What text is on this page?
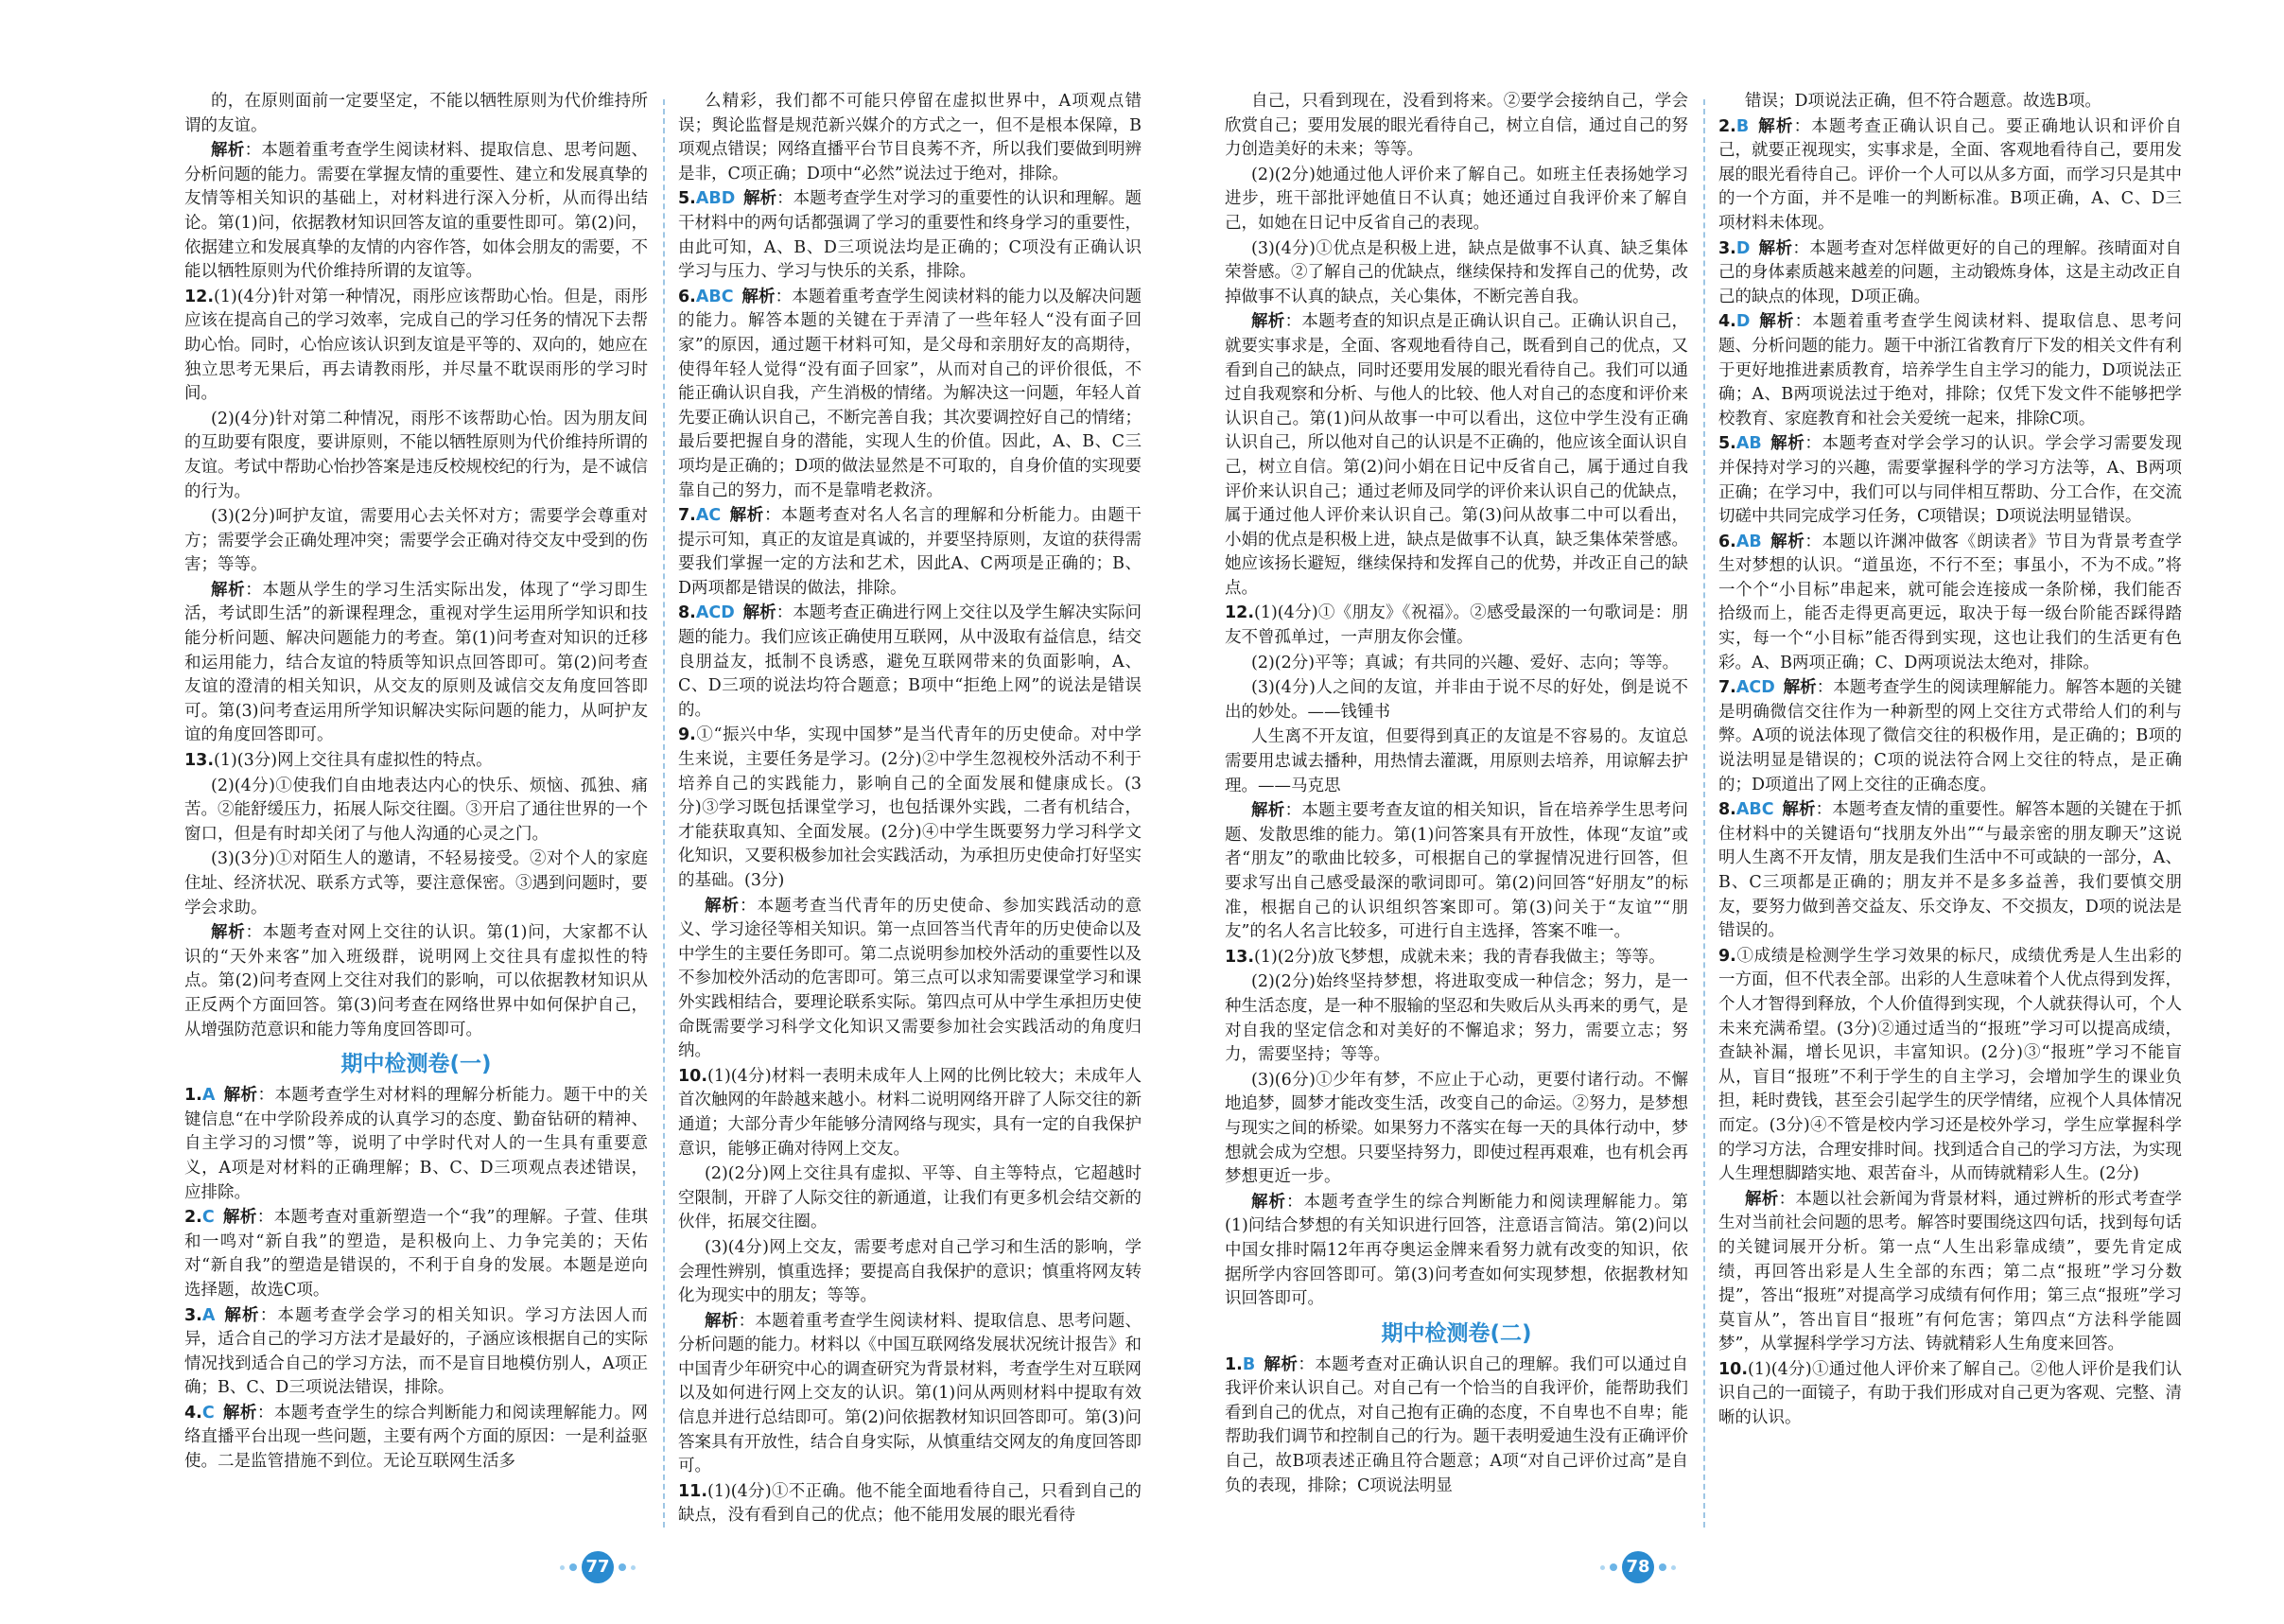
的，在原则面前一定要坚定，不能以牺牲原则为代价维持所谓的友谊。
解析：本题着重考查学生阅读材料、提取信息、思考问题、分析问题的能力。需要在掌握友情的重要性、建立和发展真挚的友情等相关知识的基础上，对材料进行深入分析，从而得出结论。第(1)问，依据教材知识回答友谊的重要性即可。第(2)问，依据建立和发展真挚的友情的内容作答，如体会朋友的需要，不能以牺牲原则为代价维持所谓的友谊等。
12.(1)(4分)针对第一种情况，雨彤应该帮助心怡。但是，雨彤应该在提高自己的学习效率，完成自己的学习任务的情况下去帮助心怡。同时，心怡应该认识到友谊是平等的、双向的，她应在独立思考无果后，再去请教雨彤，并尽量不耽误雨彤的学习时间。
(2)(4分)针对第二种情况，雨彤不该帮助心怡。因为朋友间的互助要有限度，要讲原则，不能以牺牲原则为代价维持所谓的友谊。考试中帮助心怡抄答案是违反校规校纪的行为，是不诚信的行为。
(3)(2分)呵护友谊，需要用心去关怀对方；需要学会尊重对方；需要学会正确处理冲突；需要学会正确对待交友中受到的伤害；等等。
解析：本题从学生的学习生活实际出发，体现了“学习即生活，考试即生活”的新课程理念，重视对学生运用所学知识和技能分析问题、解决问题能力的考查。第(1)问考查对知识的迁移和运用能力，结合友谊的特质等知识点回答即可。第(2)问考查友谊的澄清的相关知识，从交友的原则及诚信交友角度回答即可。第(3)问考查运用所学知识解决实际问题的能力，从呵护友谊的角度回答即可。
13.(1)(3分)网上交往具有虚拟性的特点。
(2)(4分)①使我们自由地表达内心的快乐、烦恼、孤独、痛苦。②能舒缓压力，拓展人际交往圈。③开启了通往世界的一个窗口，但是有时却关闭了与他人沟通的心灵之门。
(3)(3分)①对陌生人的邀请，不轻易接受。②对个人的家庭住址、经济状况、联系方式等，要注意保密。③遇到问题时，要学会求助。
解析：本题考查对网上交往的认识。第(1)问，大家都不认识的“天外来客”加入班级群，说明网上交往具有虚拟性的特点。第(2)问考查网上交往对我们的影响，可以依据教材知识从正反两个方面回答。第(3)问考查在网络世界中如何保护自己，从增强防范意识和能力等角度回答即可。
期中检测卷(一)
1.A  解析：本题考查学生对材料的理解分析能力。题干中的关键信息“在中学阶段养成的认真学习的态度、勤奋钻研的精神、自主学习的习惯”等，说明了中学时代对人的一生具有重要意义，A项是对材料的正确理解；B、C、D三项观点表述错误，应排除。
2.C  解析：本题考查对重新塑造一个“我”的理解。子萱、佳琪和一鸣对“新自我”的塑造，是积极向上、力争完美的；天佑对“新自我”的塑造是错误的，不利于自身的发展。本题是逆向选择题，故选C项。
3.A  解析：本题考查学会学习的相关知识。学习方法因人而异，适合自己的学习方法才是最好的，子涵应该根据自己的实际情况找到适合自己的学习方法，而不是盲目地模仿别人，A项正确；B、C、D三项说法错误，排除。
4.C  解析：本题考查学生的综合判断能力和阅读理解能力。网络直播平台出现一些问题，主要有两个方面的原因：一是利益驱使。二是监管措施不到位。无论互联网生活多
么精彩，我们都不可能只停留在虚拟世界中，A项观点错误；舆论监督是规范新兴媒介的方式之一，但不是根本保障，B项观点错误；网络直播平台节目良莠不齐，所以我们要做到明辨是非，C项正确；D项中“必然”说法过于绝对，排除。
5.ABD  解析：本题考查学生对学习的重要性的认识和理解。题干材料中的两句话都强调了学习的重要性和终身学习的重要性，由此可知，A、B、D三项说法均是正确的；C项没有正确认识学习与压力、学习与快乐的关系，排除。
6.ABC  解析：本题着重考查学生阅读材料的能力以及解决问题的能力。解答本题的关键在于弄清了一些年轻人“没有面子回家”的原因，通过题干材料可知，是父母和亲朋好友的高期待，使得年轻人觉得“没有面子回家”，从而对自己的评价很低，不能正确认识自我，产生消极的情绪。为解决这一问题，年轻人首先要正确认识自己，不断完善自我；其次要调控好自己的情绪；最后要把握自身的潜能，实现人生的价值。因此，A、B、C三项均是正确的；D项的做法显然是不可取的，自身价值的实现要靠自己的努力，而不是靠啃老救济。
7.AC  解析：本题考查对名人名言的理解和分析能力。由题干提示可知，真正的友谊是真诚的，并要坚持原则，友谊的获得需要我们掌握一定的方法和艺术，因此A、C两项是正确的；B、D两项都是错误的做法，排除。
8.ACD  解析：本题考查正确进行网上交往以及学生解决实际问题的能力。我们应该正确使用互联网，从中汲取有益信息，结交良朋益友，抵制不良诱惑，避免互联网带来的负面影响，A、C、D三项的说法均符合题意；B项中“拒绝上网”的说法是错误的。
9.①“振兴中华，实现中国梦”是当代青年的历史使命。对中学生来说，主要任务是学习。(2分)②中学生忽视校外活动不利于培养自己的实践能力，影响自己的全面发展和健康成长。(3分)③学习既包括课堂学习，也包括课外实践，二者有机结合，才能获取真知、全面发展。(2分)④中学生既要努力学习科学文化知识，又要积极参加社会实践活动，为承担历史使命打好坚实的基础。(3分)
解析：本题考查当代青年的历史使命、参加实践活动的意义、学习途径等相关知识。第一点回答当代青年的历史使命以及中学生的主要任务即可。第二点说明参加校外活动的重要性以及不参加校外活动的危害即可。第三点可以求知需要课堂学习和课外实践相结合，要理论联系实际。第四点可从中学生承担历史使命既需要学习科学文化知识又需要参加社会实践活动的角度归纳。
10.(1)(4分)材料一表明未成年人上网的比例比较大；未成年人首次触网的年龄越来越小。材料二说明网络开辟了人际交往的新通道；大部分青少年能够分清网络与现实，具有一定的自我保护意识，能够正确对待网上交友。
(2)(2分)网上交往具有虚拟、平等、自主等特点，它超越时空限制，开辟了人际交往的新通道，让我们有更多机会结交新的伙伴，拓展交往圈。
(3)(4分)网上交友，需要考虑对自己学习和生活的影响，学会理性辨别，慎重选择；要提高自我保护的意识；慎重将网友转化为现实中的朋友；等等。
解析：本题着重考查学生阅读材料、提取信息、思考问题、分析问题的能力。材料以《中国互联网络发展状况统计报告》和中国青少年研究中心的调查研究为背景材料，考查学生对互联网以及如何进行网上交友的认识。第(1)问从两则材料中提取有效信息并进行总结即可。第(2)问依据教材知识回答即可。第(3)问答案具有开放性，结合自身实际，从慎重结交网友的角度回答即可。
11.(1)(4分)①不正确。他不能全面地看待自己，只看到自己的缺点，没有看到自己的优点；他不能用发展的眼光看待
自己，只看到现在，没看到将来。②要学会接纳自己，学会欣赏自己；要用发展的眼光看待自己，树立自信，通过自己的努力创造美好的未来；等等。
(2)(2分)她通过他人评价来了解自己。如班主任表扬她学习进步，班干部批评她值日不认真；她还通过自我评价来了解自己，如她在日记中反省自己的表现。
(3)(4分)①优点是积极上进，缺点是做事不认真、缺乏集体荣誉感。②了解自己的优缺点，继续保持和发挥自己的优势，改掉做事不认真的缺点，关心集体，不断完善自我。
解析：本题考查的知识点是正确认识自己。正确认识自己，就要实事求是，全面、客观地看待自己，既看到自己的优点，又看到自己的缺点，同时还要用发展的眼光看待自己。我们可以通过自我观察和分析、与他人的比较、他人对自己的态度和评价来认识自己。第(1)问从故事一中可以看出，这位中学生没有正确认识自己，所以他对自己的认识是不正确的，他应该全面认识自己，树立自信。第(2)问小娟在日记中反省自己，属于通过自我评价来认识自己；通过老师及同学的评价来认识自己的优缺点，属于通过他人评价来认识自己。第(3)问从故事二中可以看出，小娟的优点是积极上进，缺点是做事不认真，缺乏集体荣誉感。她应该扬长避短，继续保持和发挥自己的优势，并改正自己的缺点。
12.(1)(4分)①《朋友》《祝福》。②感受最深的一句歌词是：朋友不曾孤单过，一声朋友你会懂。
(2)(2分)平等；真诚；有共同的兴趣、爱好、志向；等等。
(3)(4分)人之间的友谊，并非由于说不尽的好处，倒是说不出的妙处。——钱锺书
人生离不开友谊，但要得到真正的友谊是不容易的。友谊总需要用忠诚去播种，用热情去灌溉，用原则去培养，用谅解去护理。——马克思
解析：本题主要考查友谊的相关知识，旨在培养学生思考问题、发散思维的能力。第(1)问答案具有开放性，体现“友谊”或者“朋友”的歌曲比较多，可根据自己的掌握情况进行回答，但要求写出自己感受最深的歌词即可。第(2)问回答“好朋友”的标准，根据自己的认识组织答案即可。第(3)问关于“友谊”“朋友”的名人名言比较多，可进行自主选择，答案不唯一。
13.(1)(2分)放飞梦想，成就未来；我的青春我做主；等等。
(2)(2分)始终坚持梦想，将进取变成一种信念；努力，是一种生活态度，是一种不服输的坚忍和失败后从头再来的勇气，是对自我的坚定信念和对美好的不懈追求；努力，需要立志；努力，需要坚持；等等。
(3)(6分)①少年有梦，不应止于心动，更要付诸行动。不懈地追梦，圆梦才能改变生活，改变自己的命运。②努力，是梦想与现实之间的桥梁。如果努力不落实在每一天的具体行动中，梦想就会成为空想。只要坚持努力，即使过程再艰难，也有机会再梦想更近一步。
解析：本题考查学生的综合判断能力和阅读理解能力。第(1)问结合梦想的有关知识进行回答，注意语言简洁。第(2)问以中国女排时隔12年再夺奥运金牌来看努力就有改变的知识，依据所学内容回答即可。第(3)问考查如何实现梦想，依据教材知识回答即可。
期中检测卷(二)
1.B  解析：本题考查对正确认识自己的理解。我们可以通过自我评价来认识自己。对自己有一个恰当的自我评价，能帮助我们看到自己的优点，对自己抱有正确的态度，不自卑也不自卑；能帮助我们调节和控制自己的行为。题干表明爱迪生没有正确评价自己，故B项表述正确且符合题意；A项“对自己评价过高”是自负的表现，排除；C项说法明显
错误；D项说法正确，但不符合题意。故选B项。
2.B  解析：本题考查正确认识自己。要正确地认识和评价自己，就要正视现实，实事求是，全面、客观地看待自己，要用发展的眼光看待自己。评价一个人可以从多方面，而学习只是其中的一个方面，并不是唯一的判断标准。B项正确，A、C、D三项材料未体现。
3.D  解析：本题考查对怎样做更好的自己的理解。孩晴面对自己的身体素质越来越差的问题，主动锻炼身体，这是主动改正自己的缺点的体现，D项正确。
4.D  解析：本题着重考查学生阅读材料、提取信息、思考问题、分析问题的能力。题干中浙江省教育厅下发的相关文件有利于更好地推进素质教育，培养学生自主学习的能力，D项说法正确；A、B两项说法过于绝对，排除；仅凭下发文件不能够把学校教育、家庭教育和社会关爱统一起来，排除C项。
5.AB  解析：本题考查对学会学习的认识。学会学习需要发现并保持对学习的兴趣，需要掌握科学的学习方法等，A、B两项正确；在学习中，我们可以与同伴相互帮助、分工合作，在交流切磋中共同完成学习任务，C项错误；D项说法明显错误。
6.AB  解析：本题以许渊冲做客《朗读者》节目为背景考查学生对梦想的认识。“道虽迩，不行不至；事虽小，不为不成。”将一个个“小目标”串起来，就可能会连接成一条阶梯，我们能否拾级而上，能否走得更高更远，取决于每一级台阶能否踩得踏实，每一个“小目标”能否得到实现，这也让我们的生活更有色彩。A、B两项正确；C、D两项说法太绝对，排除。
7.ACD  解析：本题考查学生的阅读理解能力。解答本题的关键是明确微信交往作为一种新型的网上交往方式带给人们的利与弊。A项的说法体现了微信交往的积极作用，是正确的；B项的说法明显是错误的；C项的说法符合网上交往的特点，是正确的；D项道出了网上交往的正确态度。
8.ABC  解析：本题考查友情的重要性。解答本题的关键在于抓住材料中的关键语句“找朋友外出”“与最亲密的朋友聊天”这说明人生离不开友情，朋友是我们生活中不可或缺的一部分，A、B、C三项都是正确的；朋友并不是多多益善，我们要慎交朋友，要努力做到善交益友、乐交诤友、不交损友，D项的说法是错误的。
9.①成绩是检测学生学习效果的标尺，成绩优秀是人生出彩的一方面，但不代表全部。出彩的人生意味着个人优点得到发挥，个人才智得到释放，个人价值得到实现，个人就获得认可，个人未来充满希望。(3分)②通过适当的“报班”学习可以提高成绩，查缺补漏，增长见识，丰富知识。(2分)③“报班”学习不能盲从，盲目“报班”不利于学生的自主学习，会增加学生的课业负担，耗时费钱，甚至会引起学生的厌学情绪，应视个人具体情况而定。(3分)④不管是校内学习还是校外学习，学生应掌握科学的学习方法，合理安排时间。找到适合自己的学习方法，为实现人生理想脚踏实地、艰苦奋斗，从而铸就精彩人生。(2分)
解析：本题以社会新闻为背景材料，通过辨析的形式考查学生对当前社会问题的思考。解答时要围绕这四句话，找到每句话的关键词展开分析。第一点“人生出彩靠成绩”，要先肯定成绩，再回答出彩是人生全部的东西；第二点“报班”学习分数提”，答出“报班”对提高学习成绩有何作用；第三点“报班”学习莫盲从”，答出盲目“报班”有何危害；第四点“方法科学能圆梦”，从掌握科学学习方法、铸就精彩人生角度来回答。
10.(1)(4分)①通过他人评价来了解自己。②他人评价是我们认识自己的一面镜子，有助于我们形成对自己更为客观、完整、清晰的认识。
77	78
